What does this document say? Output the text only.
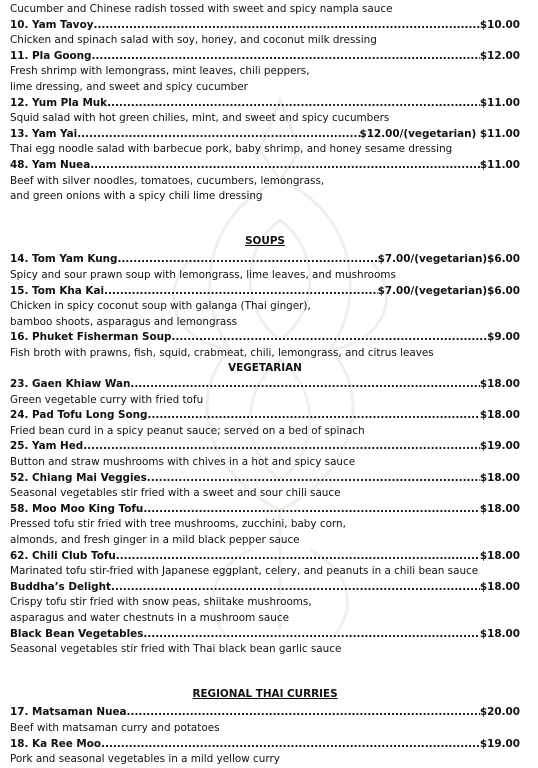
Cucumber and Chinese radish tossed with sweet and spicy nampla sauce
10. Yam Tavoy .....	$10.00
Chicken and spinach salad with soy, honey, and coconut milk dressing
11. Pla Goong .....	$12.00
Fresh shrimp with lemongrass, mint leaves, chili peppers,
lime dressing, and sweet and spicy cucumber
12. Yum Pla Muk .....	$11.00
Squid salad with hot green chilies, mint, and sweet and spicy cucumbers
13. Yam Yai .....	$12.00/(vegetarian) $11.00
Thai egg noodle salad with barbecue pork, baby shrimp, and honey sesame dressing
48. Yam Nuea .....	$11.00
Beef with silver noodles, tomatoes, cucumbers, lemongrass,
and green onions with a spicy chili lime dressing
SOUPS
14. Tom Yam Kung .....	$7.00/(vegetarian)$6.00
Spicy and sour prawn soup with lemongrass, lime leaves, and mushrooms
15. Tom Kha Kai .....	$7.00/(vegetarian)$6.00
Chicken in spicy coconut soup with galanga (Thai ginger),
bamboo shoots, asparagus and lemongrass
16. Phuket Fisherman Soup .....	$9.00
Fish broth with prawns, fish, squid, crabmeat, chili, lemongrass, and citrus leaves
VEGETARIAN
23. Gaen Khiaw Wan .....	$18.00
Green vegetable curry with fried tofu
24. Pad Tofu Long Song .....	$18.00
Fried bean curd in a spicy peanut sauce; served on a bed of spinach
25. Yam Hed .....	$19.00
Button and straw mushrooms with chives in a hot and spicy sauce
52. Chiang Mai Veggies .....	$18.00
Seasonal vegetables stir fried with a sweet and sour chili sauce
58. Moo Moo King Tofu .....	$18.00
Pressed tofu stir fried with tree mushrooms, zucchini, baby corn,
almonds, and fresh ginger in a mild black pepper sauce
62. Chili Club Tofu .....	$18.00
Marinated tofu stir-fried with Japanese eggplant, celery, and peanuts in a chili bean sauce
Buddha’s Delight .....	$18.00
Crispy tofu stir fried with snow peas, shiitake mushrooms,
asparagus and water chestnuts in a mushroom sauce
Black Bean Vegetables .....	$18.00
Seasonal vegetables stir fried with Thai black bean garlic sauce
REGIONAL THAI CURRIES
17. Matsaman Nuea .....	$20.00
Beef with matsaman curry and potatoes
18. Ka Ree Moo .....	$19.00
Pork and seasonal vegetables in a mild yellow curry
